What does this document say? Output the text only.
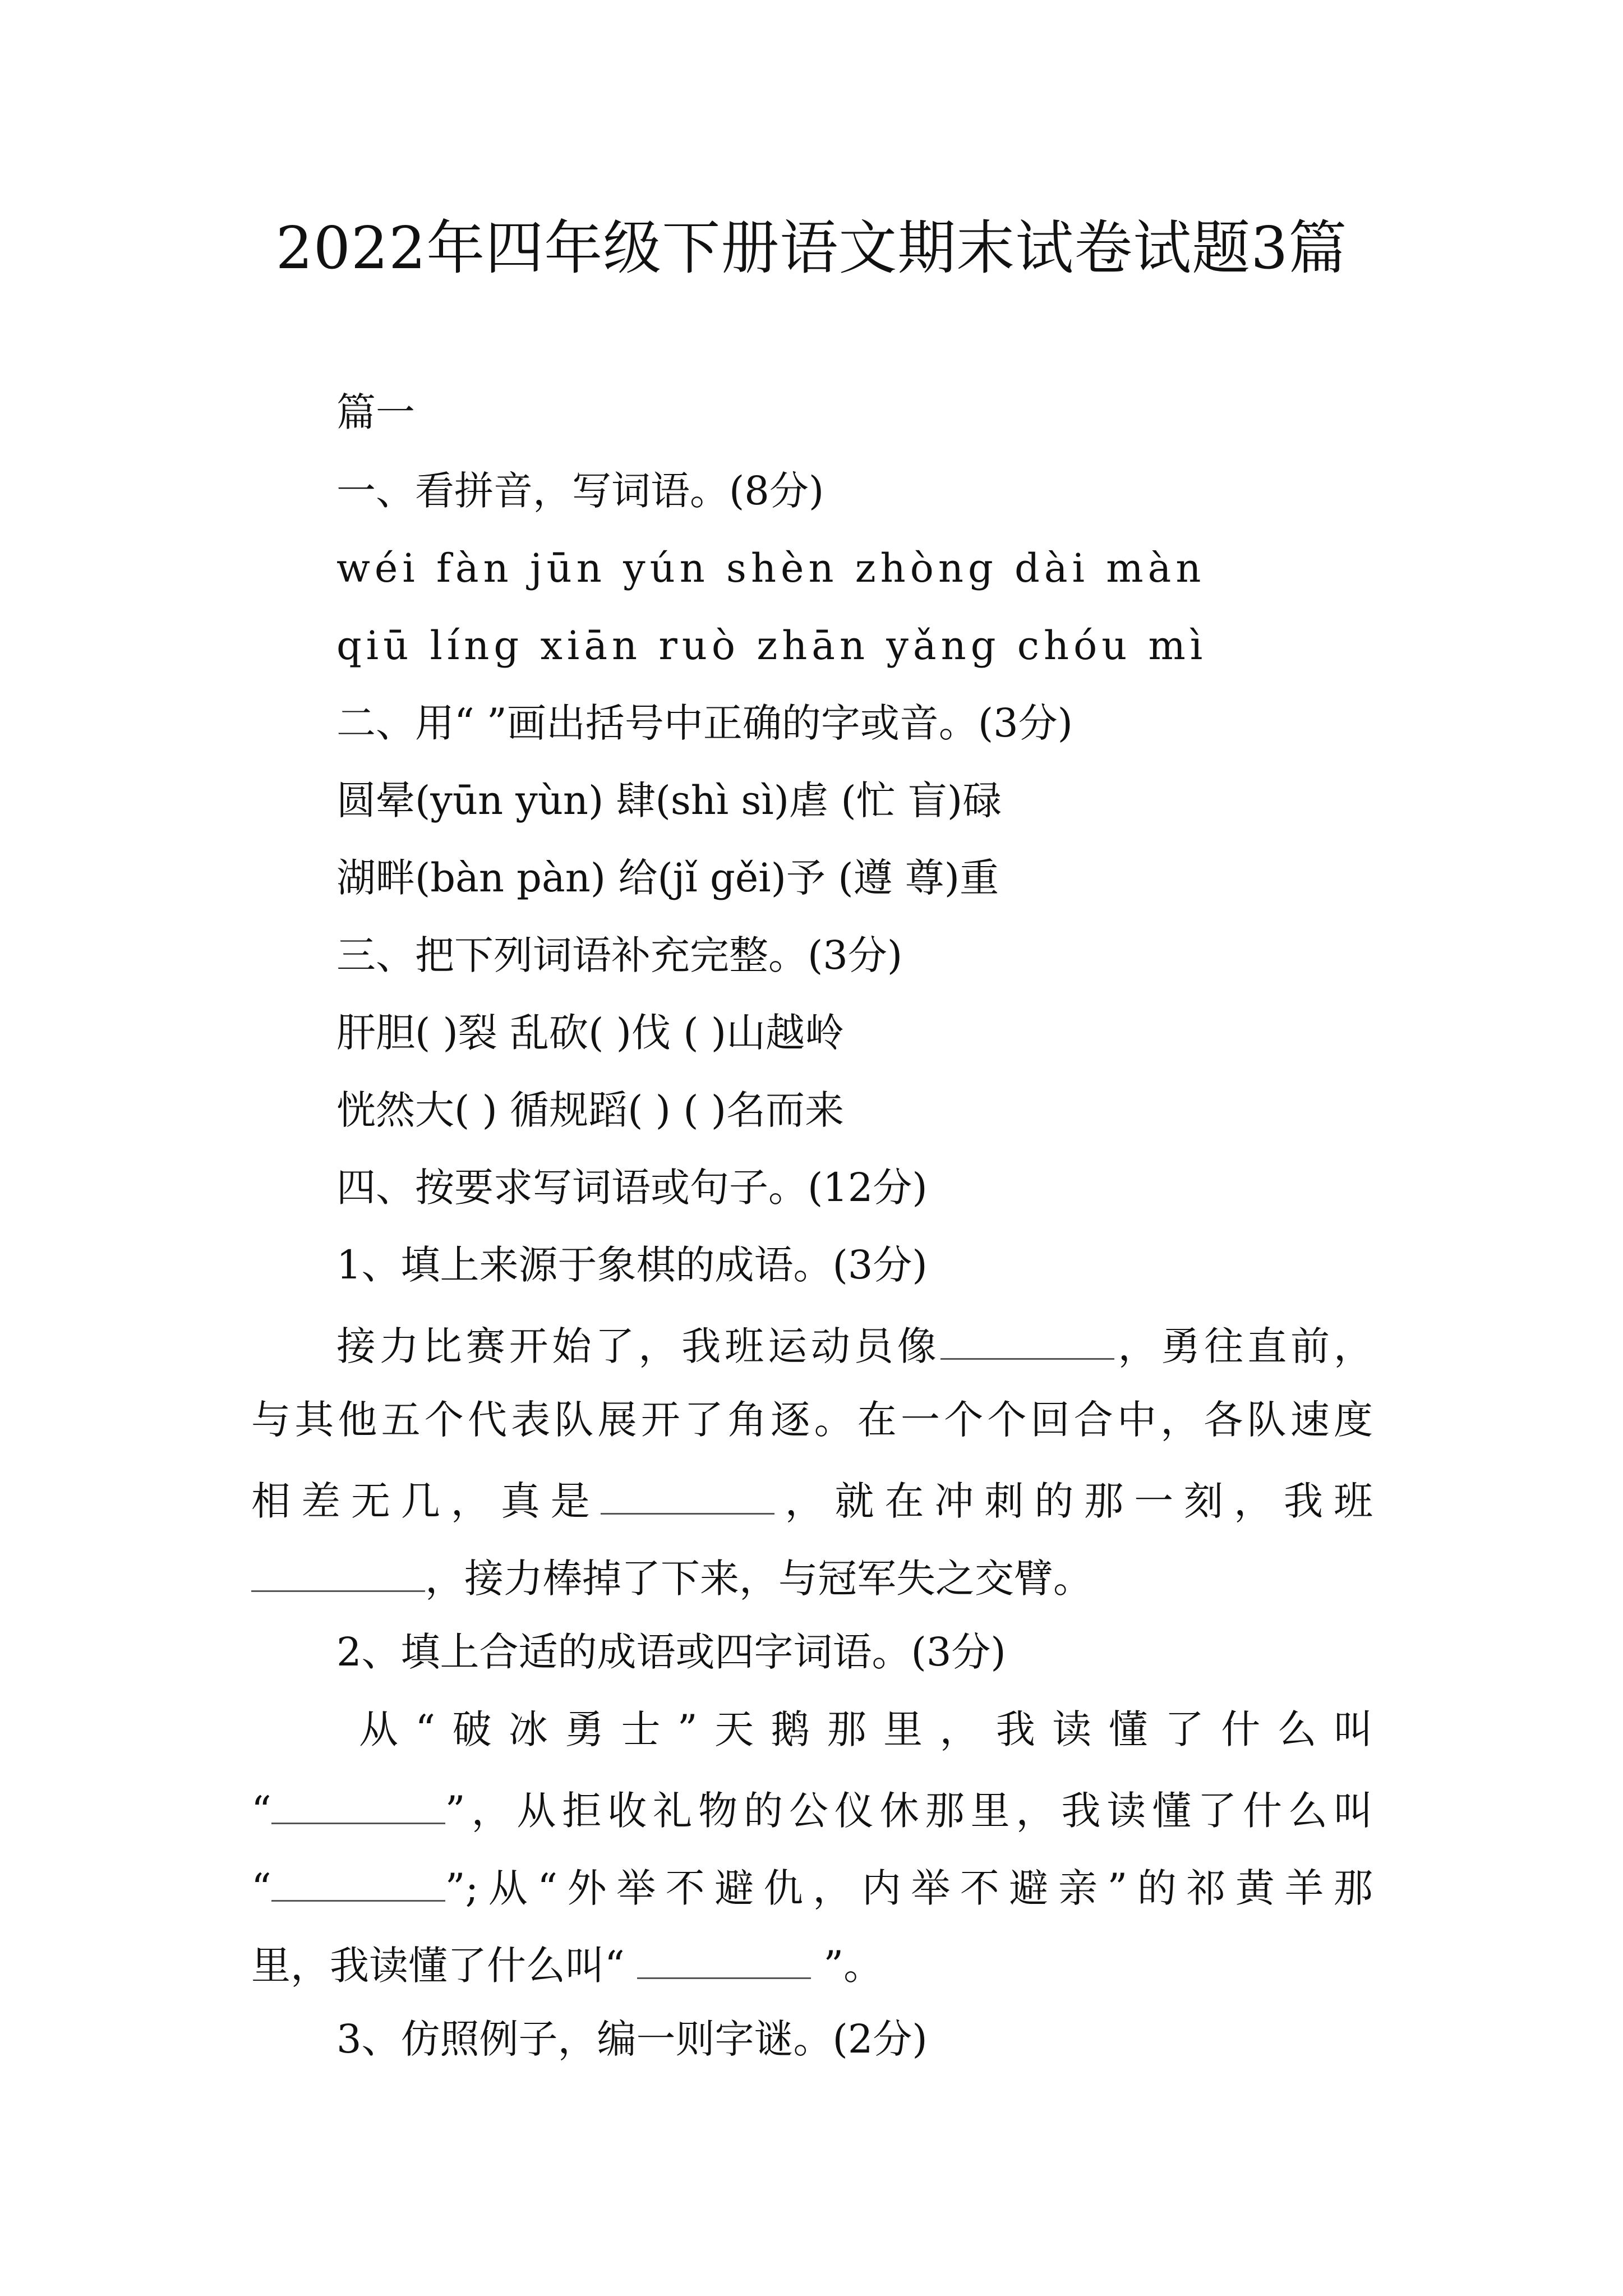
2022年四年级下册语文期末试卷试题3篇
篇一
一、看拼音，写词语。(8分)
wéi fàn jūn yún shèn zhòng dài màn
qiū líng xiān ruò zhān yǎng chóu mì
二、用“ ”画出括号中正确的字或音。(3分)
圆晕(yūn yùn) 肆(shì sì)虐 (忙 盲)碌
湖畔(bàn pàn) 给(jǐ gěi)予 (遵 尊)重
三、把下列词语补充完整。(3分)
肝胆( )裂 乱砍( )伐 ( )山越岭
恍然大( ) 循规蹈( ) ( )名而来
四、按要求写词语或句子。(12分)
1、填上来源于象棋的成语。(3分)
接力比赛开始了，我班运动员像	，勇往直前，
与其他五个代表队展开了角逐。在一个个回合中，各队速度
相差无几，真是	，就在冲刺的那一刻，我班
，接力棒掉了下来，与冠军失之交臂。
2、填上合适的成语或四字词语。(3分)
从“破冰勇士”天鹅那里，我读懂了什么叫
“	”，从拒收礼物的公仪休那里，我读懂了什么叫
“	”;从“外举不避仇，内举不避亲”的祁黄羊那
里，我读懂了什么叫“	”。
3、仿照例子，编一则字谜。(2分)
